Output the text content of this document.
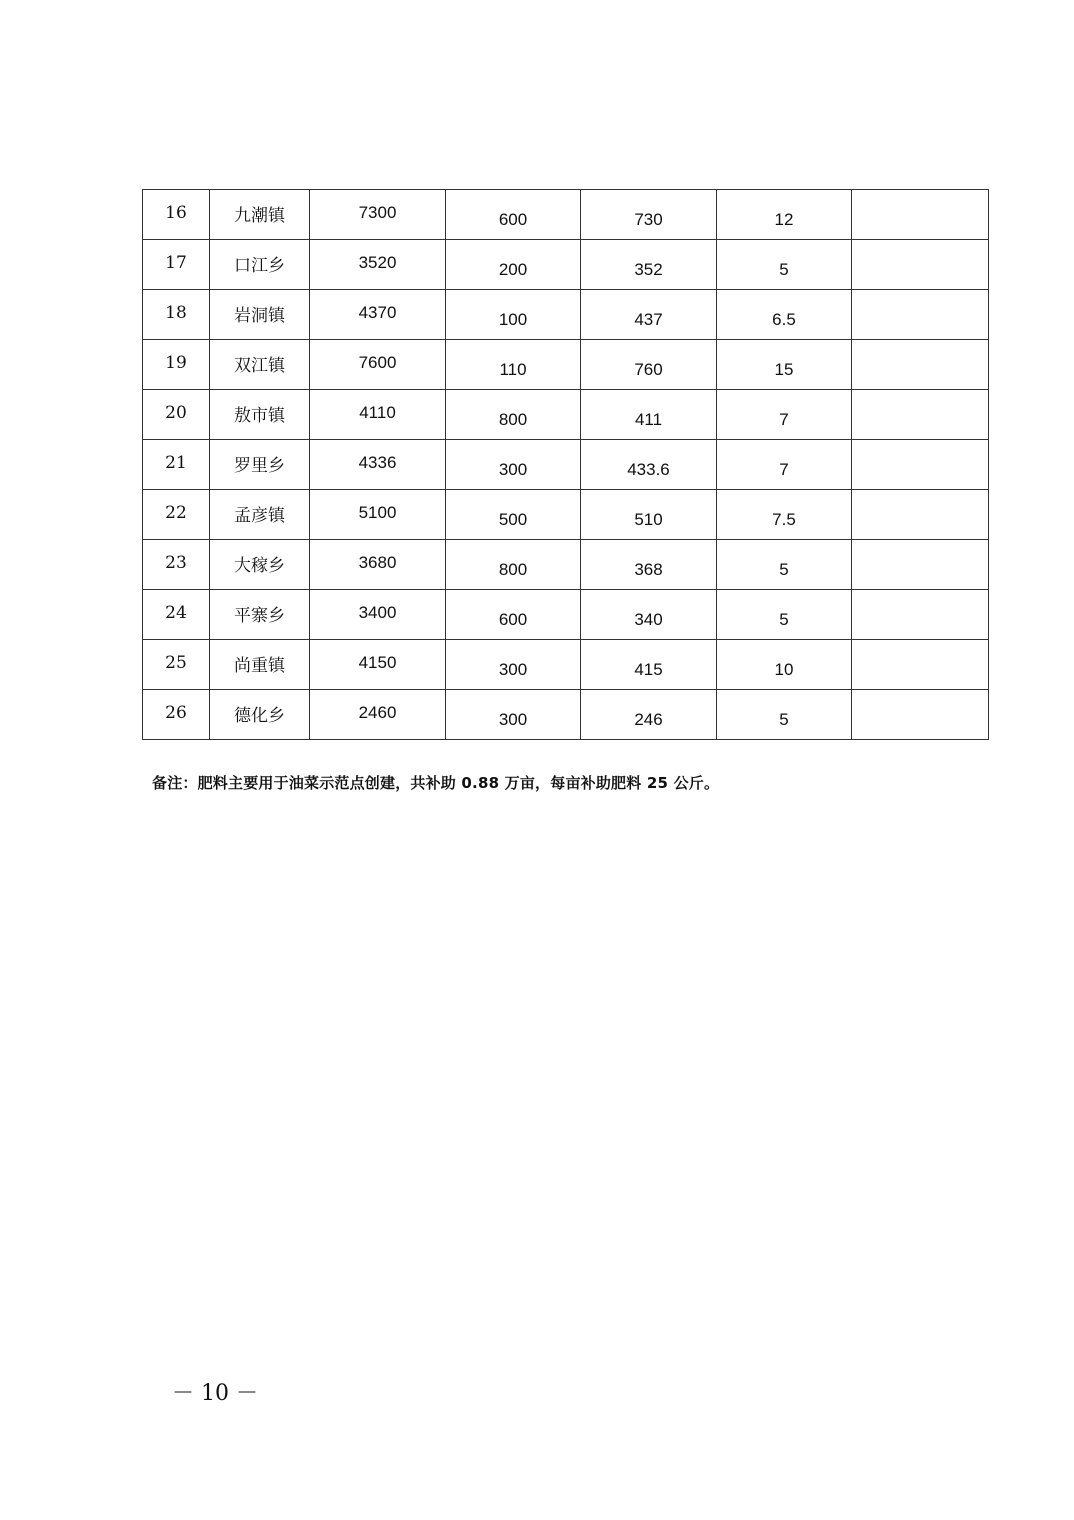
16	九潮镇	7300	600	730	12	
17	口江乡	3520	200	352	5	
18	岩洞镇	4370	100	437	6.5	
19	双江镇	7600	110	760	15	
20	敖市镇	4110	800	411	7	
21	罗里乡	4336	300	433.6	7	
22	孟彦镇	5100	500	510	7.5	
23	大稼乡	3680	800	368	5	
24	平寨乡	3400	600	340	5	
25	尚重镇	4150	300	415	10	
26	德化乡	2460	300	246	5	
备注：肥料主要用于油菜示范点创建，共补助 0.88 万亩，每亩补助肥料 25 公斤。
－ 10 －
